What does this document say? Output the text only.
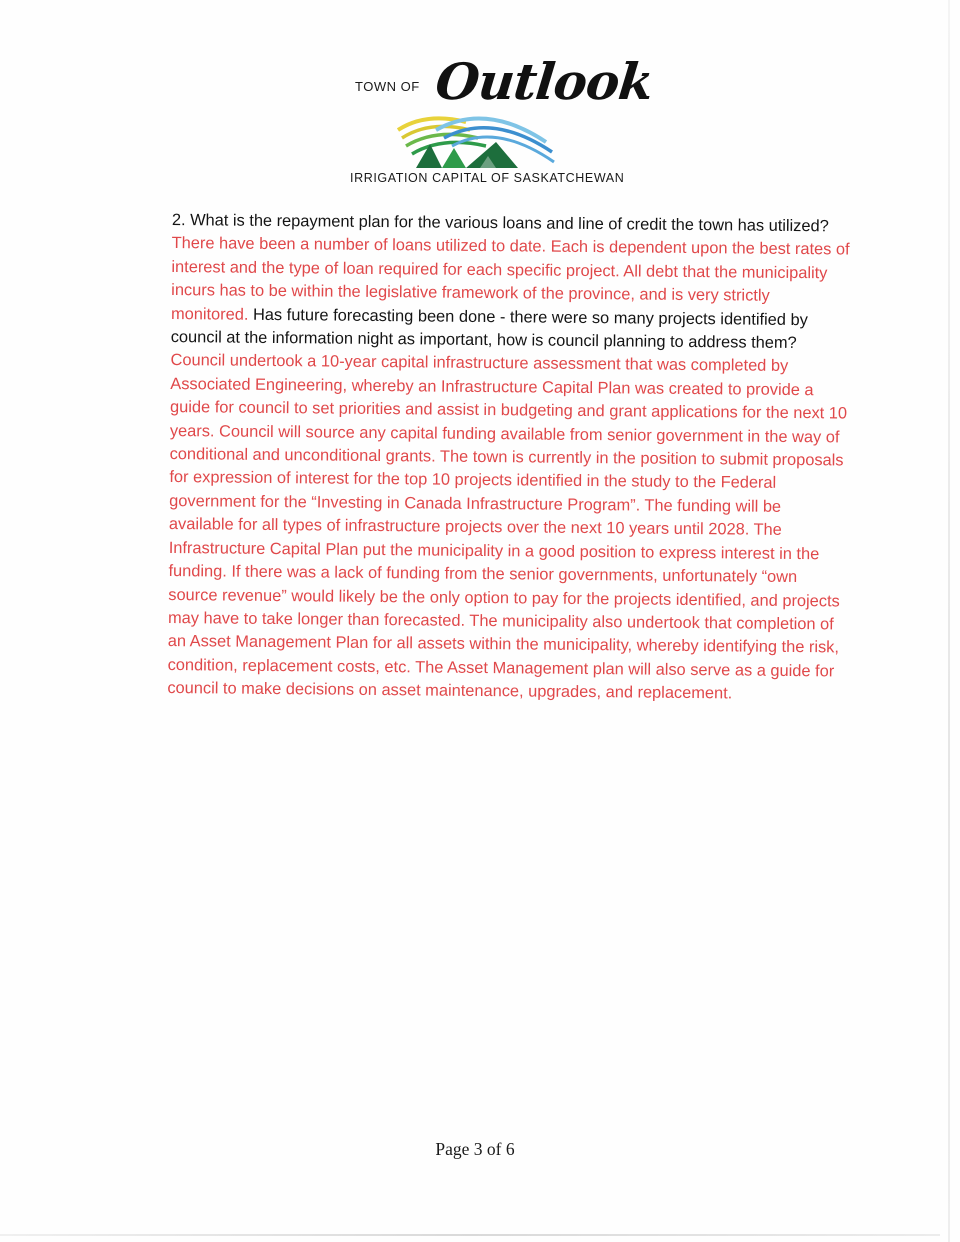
TOWN OF Outlook
IRRIGATION CAPITAL OF SASKATCHEWAN

2. What is the repayment plan for the various loans and line of credit the town has utilized? There have been a number of loans utilized to date. Each is dependent upon the best rates of interest and the type of loan required for each specific project. All debt that the municipality incurs has to be within the legislative framework of the province, and is very strictly monitored. Has future forecasting been done - there were so many projects identified by council at the information night as important, how is council planning to address them? Council undertook a 10-year capital infrastructure assessment that was completed by Associated Engineering, whereby an Infrastructure Capital Plan was created to provide a guide for council to set priorities and assist in budgeting and grant applications for the next 10 years. Council will source any capital funding available from senior government in the way of conditional and unconditional grants. The town is currently in the position to submit proposals for expression of interest for the top 10 projects identified in the study to the Federal government for the “Investing in Canada Infrastructure Program”. The funding will be available for all types of infrastructure projects over the next 10 years until 2028. The Infrastructure Capital Plan put the municipality in a good position to express interest in the funding. If there was a lack of funding from the senior governments, unfortunately “own source revenue” would likely be the only option to pay for the projects identified, and projects may have to take longer than forecasted. The municipality also undertook that completion of an Asset Management Plan for all assets within the municipality, whereby identifying the risk, condition, replacement costs, etc. The Asset Management plan will also serve as a guide for council to make decisions on asset maintenance, upgrades, and replacement.

Page 3 of 6
